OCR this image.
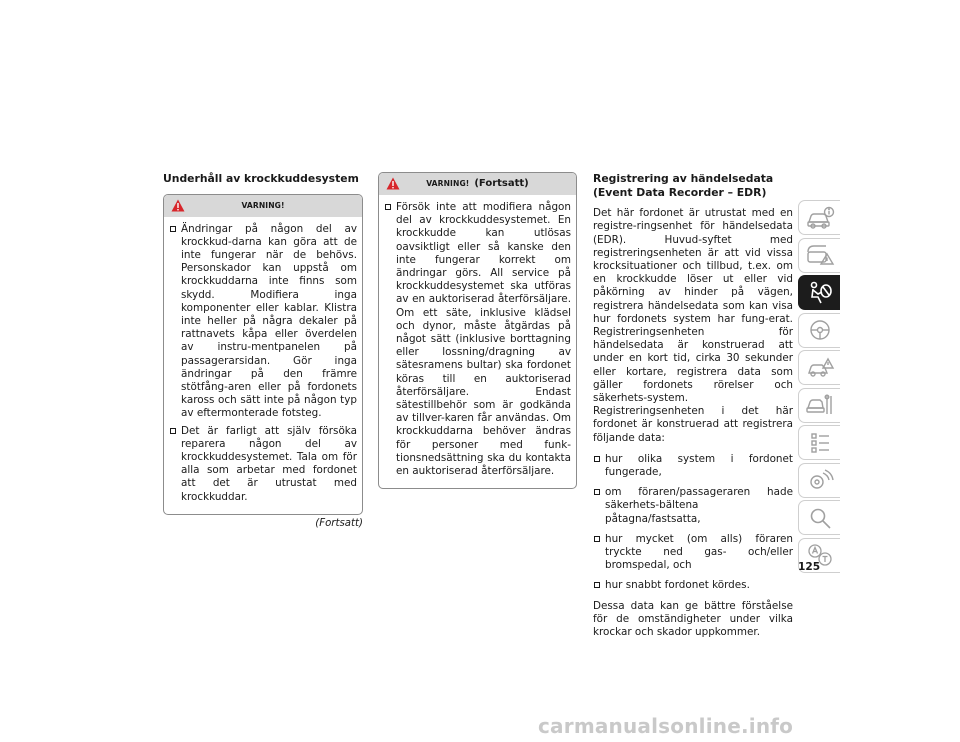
Underhåll av krockkuddesystem
VARNING!
Ändringar på någon del av krockkud-darna kan göra att de inte fungerar när de behövs. Personskador kan uppstå om krockkuddarna inte finns som skydd. Modifiera inga komponenter eller kablar. Klistra inte heller på några dekaler på rattnavets kåpa eller överdelen av instru-mentpanelen på passagerarsidan. Gör inga ändringar på den främre stötfång-aren eller på fordonets kaross och sätt inte på någon typ av eftermonterade fotsteg.
Det är farligt att själv försöka reparera någon del av krockkuddesystemet. Tala om för alla som arbetar med fordonet att det är utrustat med krockkuddar.
(Fortsatt)
VARNING! (Fortsatt)
Försök inte att modifiera någon del av krockkuddesystemet. En krockkudde kan utlösas oavsiktligt eller så kanske den inte fungerar korrekt om ändringar görs. All service på krockkuddesystemet ska utföras av en auktoriserad återförsäljare. Om ett säte, inklusive klädsel och dynor, måste åtgärdas på något sätt (inklusive borttagning eller lossning/dragning av sätesramens bultar) ska fordonet köras till en auktoriserad återförsäljare. Endast sätestillbehör som är godkända av tillver-karen får användas. Om krockkuddarna behöver ändras för personer med funk-tionsnedsättning ska du kontakta en auktoriserad återförsäljare.
Registrering av händelsedata (Event Data Recorder – EDR)

Det här fordonet är utrustat med en registre-ringsenhet för händelsedata (EDR). Huvud-syftet med registreringsenheten är att vid vissa krocksituationer och tillbud, t.ex. om en krockkudde löser ut eller vid påkörning av hinder på vägen, registrera händelsedata som kan visa hur fordonets system har fung-erat. Registreringsenheten för händelsedata är konstruerad att under en kort tid, cirka 30 sekunder eller kortare, registrera data som gäller fordonets rörelser och säkerhets-system. Registreringsenheten i det här fordonet är konstruerad att registrera följande data:

hur olika system i fordonet fungerade,
om föraren/passageraren hade säkerhets-bältena påtagna/fastsatta,
hur mycket (om alls) föraren tryckte ned gas- och/eller bromspedal, och
hur snabbt fordonet kördes.

Dessa data kan ge bättre förståelse för de omständigheter under vilka krockar och skador uppkommer.

125
carmanualsonline.info
